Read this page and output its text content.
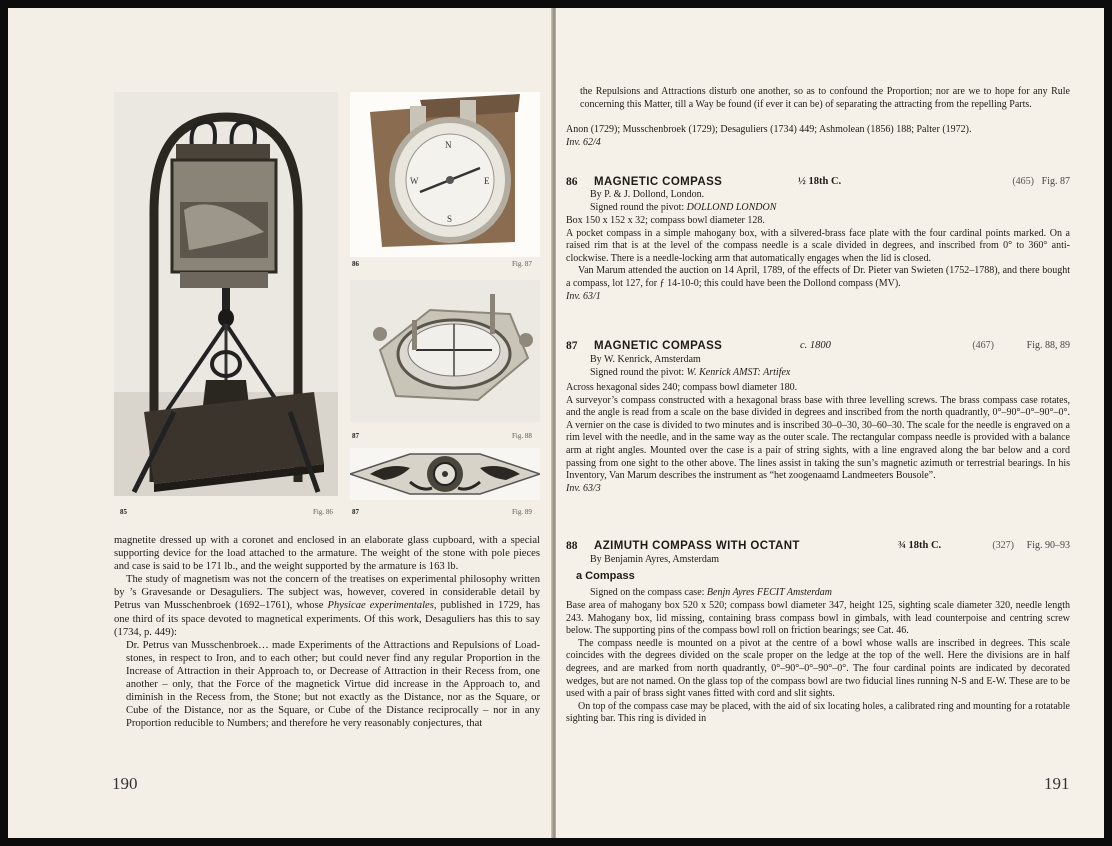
85	Fig. 86
N
E
S
W
86	Fig. 87
87	Fig. 88
87	Fig. 89

magnetite dressed up with a coronet and enclosed in an elaborate glass cupboard, with a special supporting device for the load attached to the armature. The weight of the stone with pole pieces and case is said to be 171 lb., and the weight supported by the armature is 163 lb.

The study of magnetism was not the concern of the treatises on experimental philosophy written by ’s Gravesande or Desaguliers. The subject was, however, covered in considerable detail by Petrus van Musschenbroek (1692–1761), whose Physicae experimentales, published in 1729, has one third of its space devoted to magnetical experiments. Of this work, Desaguliers has this to say (1734, p. 449):

Dr. Petrus van Musschenbroek… made Experiments of the Attractions and Repulsions of Load-stones, in respect to Iron, and to each other; but could never find any regular Proportion in the Increase of Attraction in their Approach to, or Decrease of Attraction in their Recess from, one another – only, that the Force of the magnetick Virtue did increase in the Approach to, and diminish in the Recess from, the Stone; but not exactly as the Distance, nor as the Square, or Cube of the Distance, nor as the Square, or Cube of the Distance reciprocally – nor in any Proportion reducible to Numbers; and therefore he very reasonably conjectures, that

190

the Repulsions and Attractions disturb one another, so as to confound the Proportion; nor are we to hope for any Rule concerning this Matter, till a Way be found (if ever it can be) of separating the attracting from the repelling Parts.

Anon (1729); Musschenbroek (1729); Desaguliers (1734) 449; Ashmolean (1856) 188; Palter (1972).

Inv. 62/4

86 MAGNETIC COMPASS	½ 18th C.	(465) Fig. 87
By P. & J. Dollond, London.
Signed round the pivot: DOLLOND LONDON

Box 150 x 152 x 32; compass bowl diameter 128.

A pocket compass in a simple mahogany box, with a silvered-brass face plate with the four cardinal points marked. On a raised rim that is at the level of the compass needle is a scale divided in degrees, and inscribed from 0° to 360° anti-clockwise. There is a needle-locking arm that automatically engages when the lid is closed.

Van Marum attended the auction on 14 April, 1789, of the effects of Dr. Pieter van Swieten (1752–1788), and there bought a compass, lot 127, for ƒ 14-10-0; this could have been the Dollond compass (MV).

Inv. 63/1

87 MAGNETIC COMPASS	c. 1800	(467)	Fig. 88, 89
By W. Kenrick, Amsterdam
Signed round the pivot: W. Kenrick AMST: Artifex

Across hexagonal sides 240; compass bowl diameter 180.

A surveyor’s compass constructed with a hexagonal brass base with three levelling screws. The brass compass case rotates, and the angle is read from a scale on the base divided in degrees and inscribed from the north quadrantly, 0°–90°–0°–90°–0°. A vernier on the case is divided to two minutes and is inscribed 30–0–30, 30–60–30. The scale for the needle is engraved on a rim level with the needle, and in the same way as the outer scale. The rectangular compass needle is provided with a balance arm at right angles. Mounted over the case is a pair of string sights, with a line engraved along the bar below and a cord passing from one sight to the other above. The lines assist in taking the sun’s magnetic azimuth or terrestrial bearings. In his Inventory, Van Marum describes the instrument as “het zoogenaamd Landmeeters Bousole”.

Inv. 63/3

88 AZIMUTH COMPASS WITH OCTANT	¾ 18th C.	(327) Fig. 90–93
By Benjamin Ayres, Amsterdam
a Compass
Signed on the compass case: Benjn Ayres FECIT Amsterdam

Base area of mahogany box 520 x 520; compass bowl diameter 347, height 125, sighting scale diameter 320, needle length 243. Mahogany box, lid missing, containing brass compass bowl in gimbals, with lead counterpoise and centring screw below. The supporting pins of the compass bowl roll on friction bearings; see Cat. 46.

The compass needle is mounted on a pivot at the centre of a bowl whose walls are inscribed in degrees. This scale coincides with the degrees divided on the scale proper on the ledge at the top of the well. Here the divisions are in half degrees, and are marked from north quadrantly, 0°–90°–0°–90°–0°. The four cardinal points are indicated by decorated wedges, but are not named. On the glass top of the compass bowl are two fiducial lines running N-S and E-W. These are to be used with a pair of brass sight vanes fitted with cord and slit sights.

On top of the compass case may be placed, with the aid of six locating holes, a calibrated ring and mounting for a rotatable sighting bar. This ring is divided in

191
